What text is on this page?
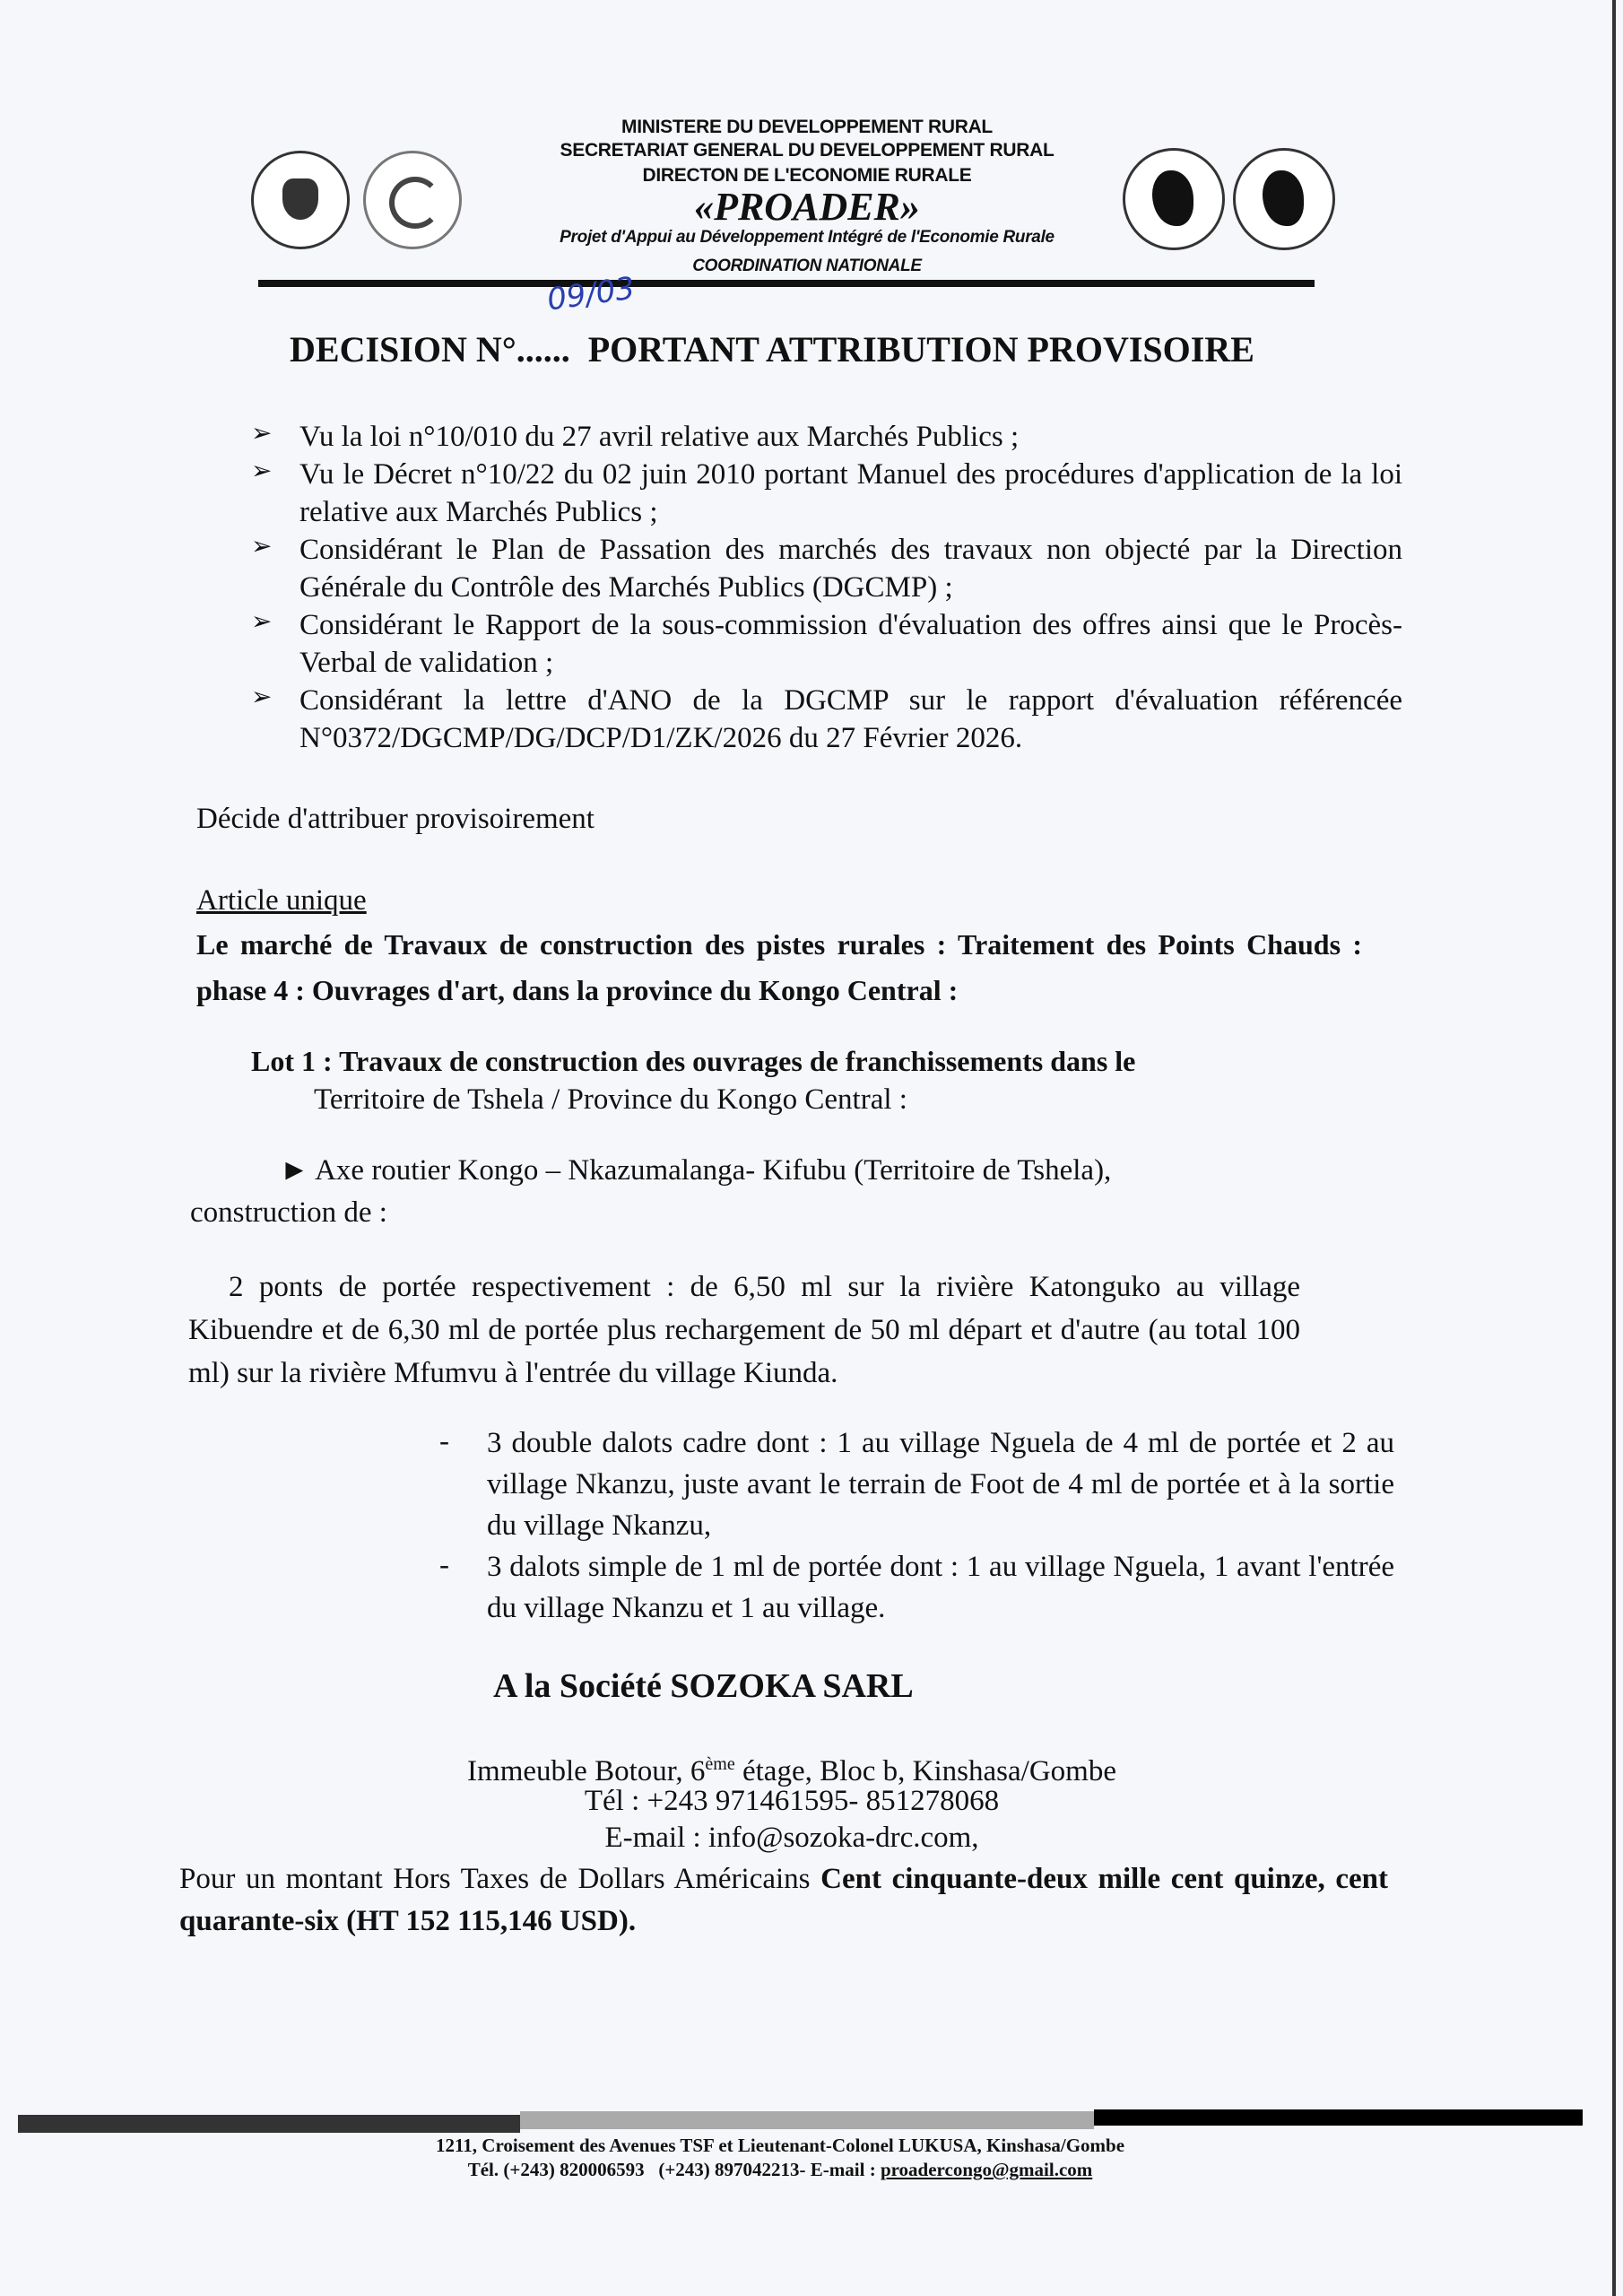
MINISTERE DU DEVELOPPEMENT RURAL
SECRETARIAT GENERAL DU DEVELOPPEMENT RURAL
DIRECTON DE L'ECONOMIE RURALE
«PROADER»
Projet d'Appui au Développement Intégré de l'Economie Rurale
COORDINATION NATIONALE
09/03
DECISION N°...... PORTANT ATTRIBUTION PROVISOIRE
➢ Vu la loi n°10/010 du 27 avril relative aux Marchés Publics ;
➢ Vu le Décret n°10/22 du 02 juin 2010 portant Manuel des procédures d'application de la loi relative aux Marchés Publics ;
➢ Considérant le Plan de Passation des marchés des travaux non objecté par la Direction Générale du Contrôle des Marchés Publics (DGCMP) ;
➢ Considérant le Rapport de la sous-commission d'évaluation des offres ainsi que le Procès-Verbal de validation ;
➢ Considérant la lettre d'ANO de la DGCMP sur le rapport d'évaluation référencée N°0372/DGCMP/DG/DCP/D1/ZK/2026 du 27 Février 2026.
Décide d'attribuer provisoirement
Article unique
Le marché de Travaux de construction des pistes rurales : Traitement des Points Chauds : phase 4 : Ouvrages d'art, dans la province du Kongo Central :
Lot 1 : Travaux de construction des ouvrages de franchissements dans le
Territoire de Tshela / Province du Kongo Central :
► Axe routier Kongo – Nkazumalanga- Kifubu (Territoire de Tshela),
construction de :
2 ponts de portée respectivement : de 6,50 ml sur la rivière Katonguko au village Kibuendre et de 6,30 ml de portée plus rechargement de 50 ml départ et d'autre (au total 100 ml) sur la rivière Mfumvu à l'entrée du village Kiunda.
- 3 double dalots cadre dont : 1 au village Nguela de 4 ml de portée et 2 au village Nkanzu, juste avant le terrain de Foot de 4 ml de portée et à la sortie du village Nkanzu,
- 3 dalots simple de 1 ml de portée dont : 1 au village Nguela, 1 avant l'entrée du village Nkanzu et 1 au village.
A la Société SOZOKA SARL
Immeuble Botour, 6ème étage, Bloc b, Kinshasa/Gombe
Tél : +243 971461595- 851278068
E-mail : info@sozoka-drc.com,
Pour un montant Hors Taxes de Dollars Américains Cent cinquante-deux mille cent quinze, cent quarante-six (HT 152 115,146 USD).
1211, Croisement des Avenues TSF et Lieutenant-Colonel LUKUSA, Kinshasa/Gombe
Tél. (+243) 820006593   (+243) 897042213- E-mail : proadercongo@gmail.com
